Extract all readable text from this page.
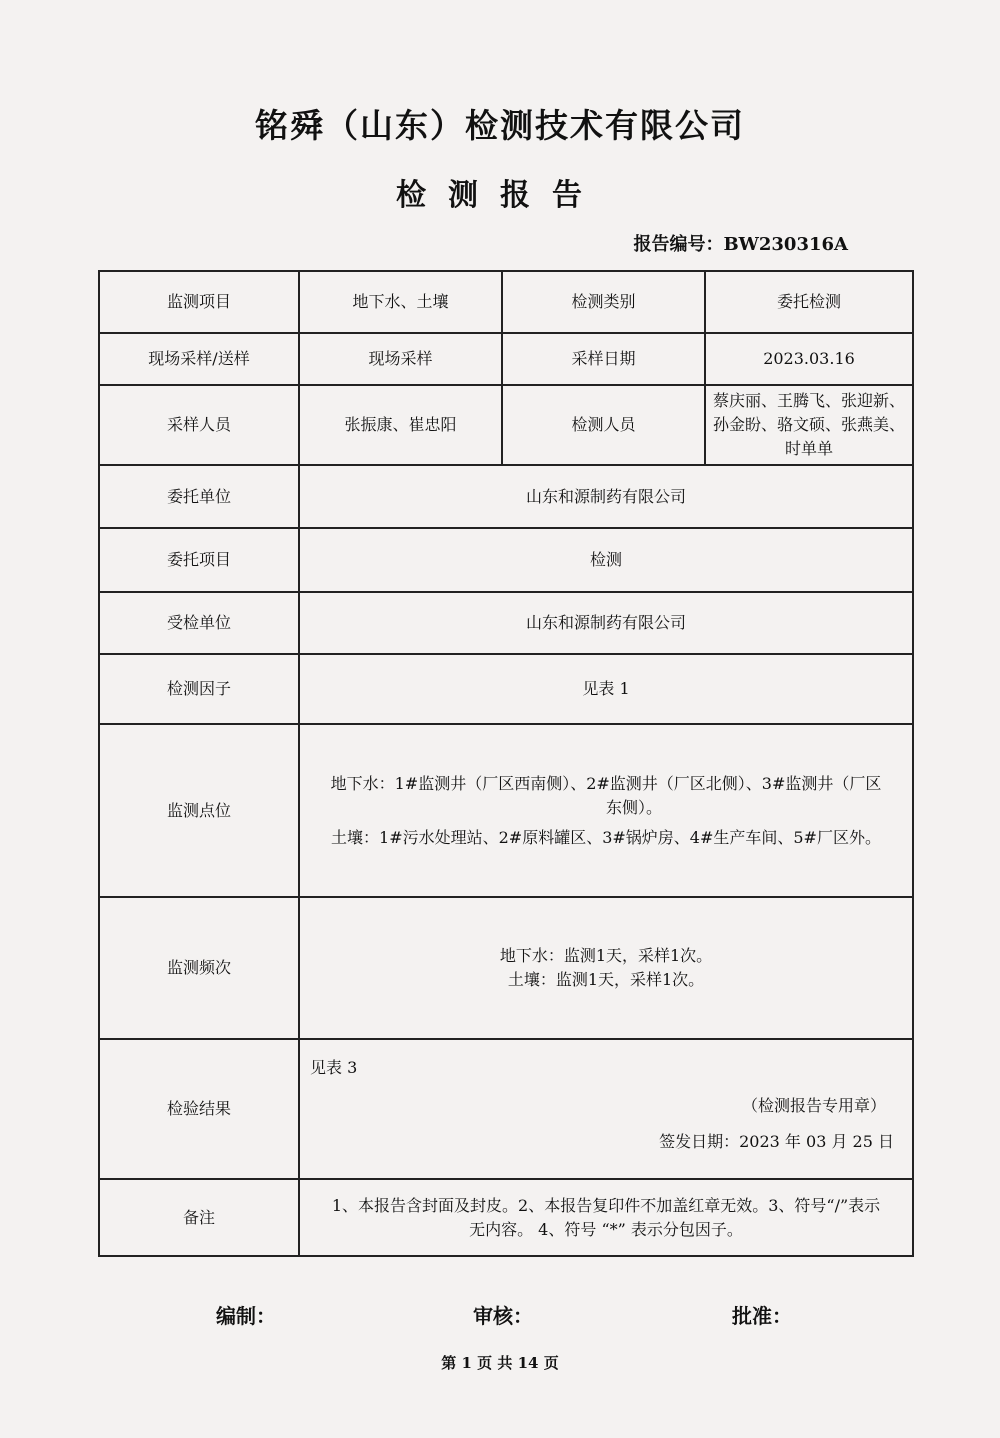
铭舜（山东）检测技术有限公司
检测报告
报告编号：BW230316A
监测项目	地下水、土壤	检测类别	委托检测
现场采样/送样	现场采样	采样日期	2023.03.16
采样人员	张振康、崔忠阳	检测人员	蔡庆丽、王腾飞、张迎新、
孙金盼、骆文硕、张燕美、
时单单

委托单位	山东和源制药有限公司		
委托项目	检测		
受检单位	山东和源制药有限公司		
检测因子	见表 1		
监测点位	地下水：1#监测井（厂区西南侧）、2#监测井（厂区北侧）、3#监测井（厂区
东侧）。
土壤：1#污水处理站、2#原料罐区、3#锅炉房、4#生产车间、5#厂区外。		

监测频次	地下水：监测1天，采样1次。
土壤：监测1天，采样1次。		

检验结果	见表 3
（检测报告专用章）
签发日期：2023 年 03 月 25 日		

备注	1、本报告含封面及封皮。2、本报告复印件不加盖红章无效。3、符号“/”表示
无内容。 4、符号 “*” 表示分包因子。		
编制：	审核：	批准：
第 1 页 共 14 页
